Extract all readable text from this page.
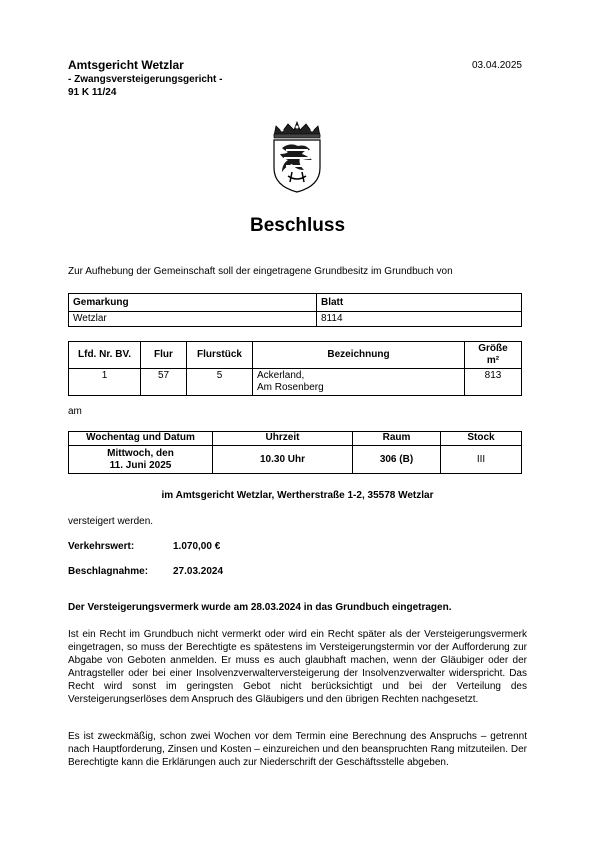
Amtsgericht Wetzlar
- Zwangsversteigerungsgericht -
91 K 11/24
03.04.2025
Beschluss
Zur Aufhebung der Gemeinschaft soll der eingetragene Grundbesitz im Grundbuch von
Gemarkung	Blatt
Wetzlar	8114
Lfd. Nr. BV.	Flur	Flurstück	Bezeichnung	Größe
m²
1	57	5	Ackerland,
Am Rosenberg	813
am
Wochentag und Datum	Uhrzeit	Raum	Stock
Mittwoch, den
11. Juni 2025	10.30 Uhr	306 (B)	III
im Amtsgericht Wetzlar, Wertherstraße 1-2, 35578 Wetzlar
versteigert werden.
Verkehrswert:	1.070,00 €
Beschlagnahme: 27.03.2024
Der Versteigerungsvermerk wurde am 28.03.2024 in das Grundbuch eingetragen.
Ist ein Recht im Grundbuch nicht vermerkt oder wird ein Recht später als der Versteigerungsvermerk eingetragen, so muss der Berechtigte es spätestens im Versteigerungstermin vor der Aufforderung zur Abgabe von Geboten anmelden. Er muss es auch glaubhaft machen, wenn der Gläubiger oder der Antragsteller oder bei einer Insolvenzverwalterversteigerung der Insolvenzverwalter widerspricht. Das Recht wird sonst im geringsten Gebot nicht berücksichtigt und bei der Verteilung des Versteigerungserlöses dem Anspruch des Gläubigers und den übrigen Rechten nachgesetzt.
Es ist zweckmäßig, schon zwei Wochen vor dem Termin eine Berechnung des Anspruchs – getrennt nach Hauptforderung, Zinsen und Kosten – einzureichen und den beanspruchten Rang mitzuteilen. Der Berechtigte kann die Erklärungen auch zur Niederschrift der Geschäftsstelle abgeben.
